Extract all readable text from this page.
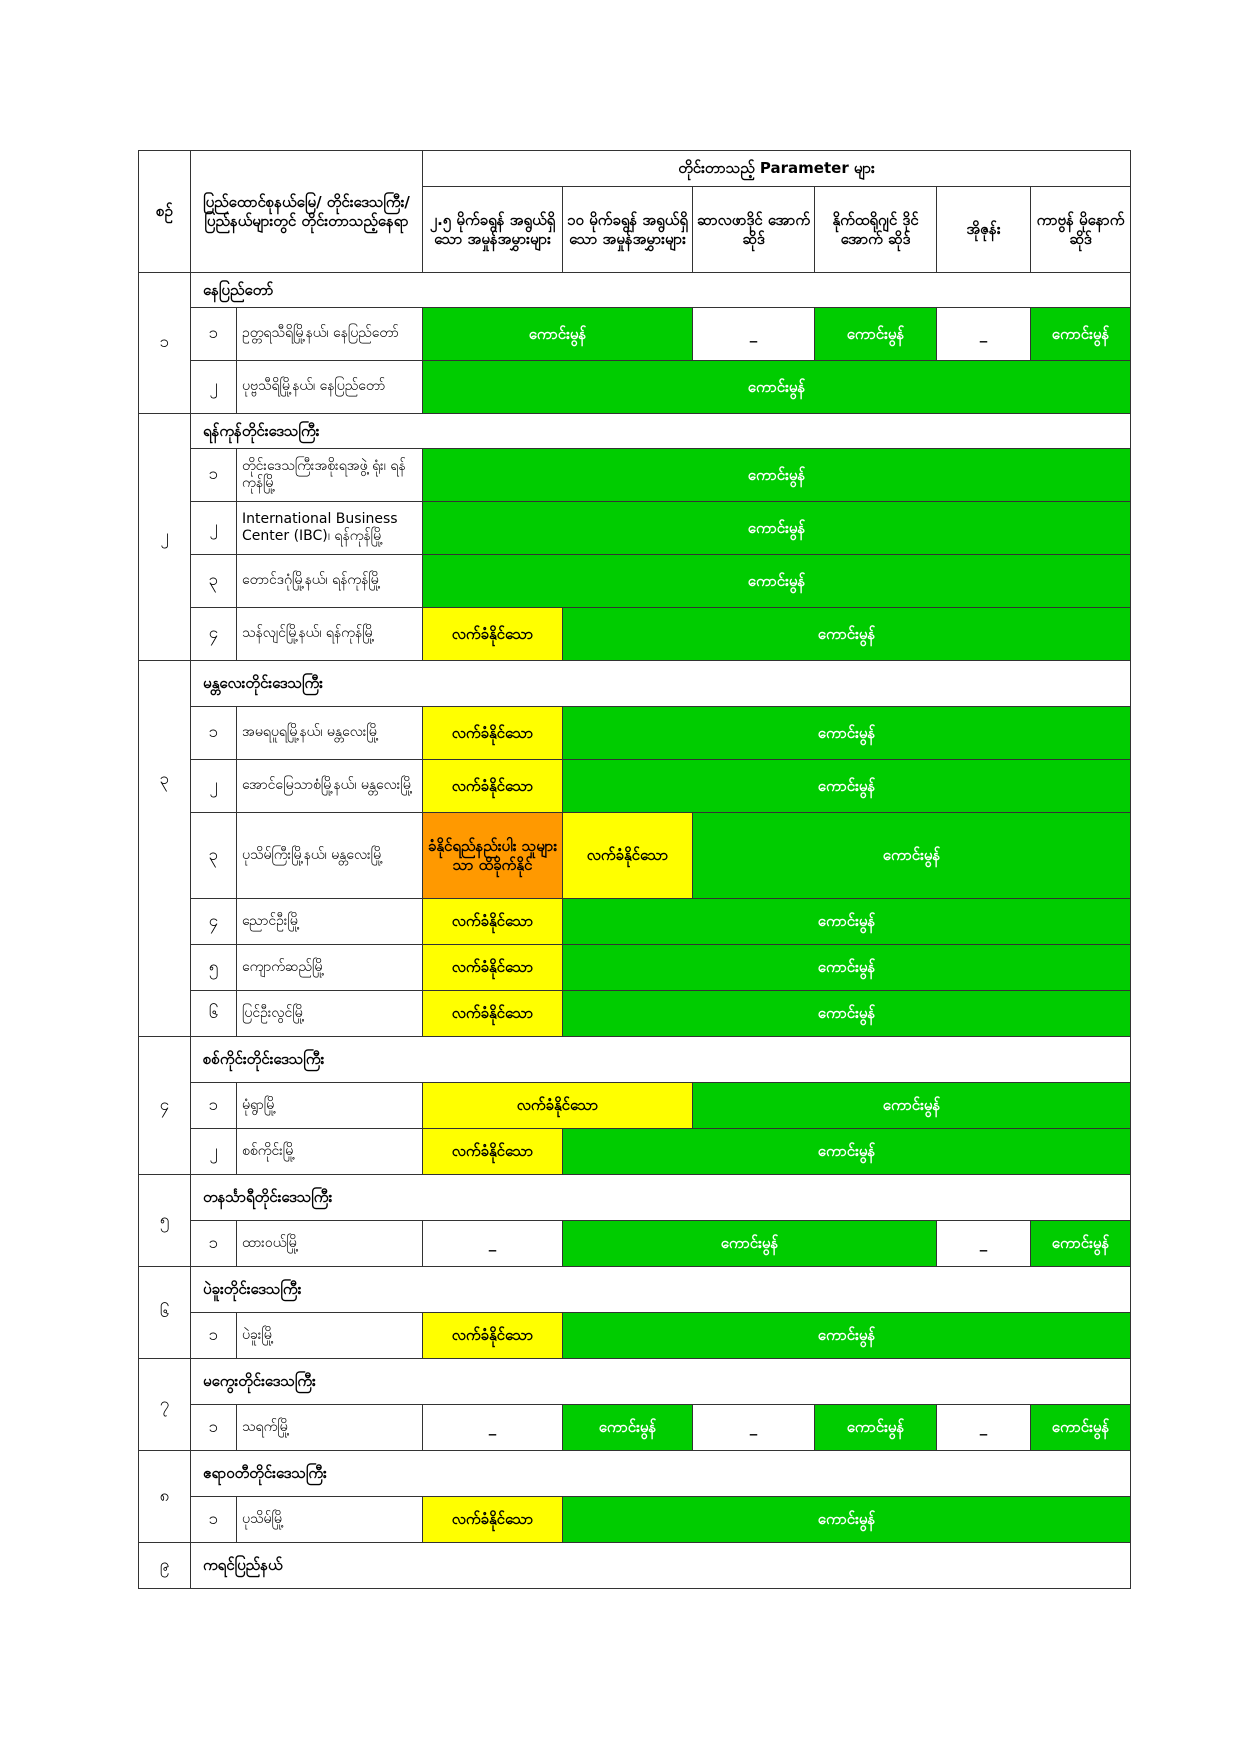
စဉ်	ပြည်ထောင်စုနယ်မြေ/ တိုင်းဒေသကြီး/ ပြည်နယ်များတွင် တိုင်းတာသည့်နေရာ		တိုင်းတာသည့် Parameter များ					
			၂.၅ မိုက်ခရွန် အရွယ်ရှိသော အမှုန်အမွှားများ	၁၀ မိုက်ခရွန် အရွယ်ရှိသော အမှုန်အမွှားများ	ဆာလဖာဒိုင် အောက်ဆိုဒ်	နိုက်ထရိုဂျင် ဒိုင်အောက် ဆိုဒ်	အိုဇုန်း	ကာဗွန် မိုနောက် ဆိုဒ်
၁	နေပြည်တော်							
	၁	ဥတ္တရသီရိမြို့နယ်၊ နေပြည်တော်	ကောင်းမွန်		_	ကောင်းမွန်	_	ကောင်းမွန်
	၂	ပုဗ္ဗသီရိမြို့နယ်၊ နေပြည်တော်	ကောင်းမွန်					
၂	ရန်ကုန်တိုင်းဒေသကြီး							
	၁	တိုင်းဒေသကြီးအစိုးရအဖွဲ့ ရုံး၊ ရန်ကုန်မြို့	ကောင်းမွန်					
	၂	International Business Center (IBC)၊ ရန်ကုန်မြို့	ကောင်းမွန်					
	၃	တောင်ဒဂုံမြို့နယ်၊ ရန်ကုန်မြို့	ကောင်းမွန်					
	၄	သန်လျင်မြို့နယ်၊ ရန်ကုန်မြို့	လက်ခံနိုင်သော	ကောင်းမွန်				
၃	မန္တလေးတိုင်းဒေသကြီး							
	၁	အမရပူရမြို့နယ်၊ မန္တလေးမြို့	လက်ခံနိုင်သော	ကောင်းမွန်				
	၂	အောင်မြေသာစံမြို့နယ်၊ မန္တလေးမြို့	လက်ခံနိုင်သော	ကောင်းမွန်				
	၃	ပုသိမ်ကြီးမြို့နယ်၊ မန္တလေးမြို့	ခံနိုင်ရည်နည်းပါး သူများသာ ထိခိုက်နိုင်	လက်ခံနိုင်သော	ကောင်းမွန်			
	၄	ညောင်ဦးမြို့	လက်ခံနိုင်သော	ကောင်းမွန်				
	၅	ကျောက်ဆည်မြို့	လက်ခံနိုင်သော	ကောင်းမွန်				
	၆	ပြင်ဦးလွင်မြို့	လက်ခံနိုင်သော	ကောင်းမွန်				
၄	စစ်ကိုင်းတိုင်းဒေသကြီး							
	၁	မုံရွာမြို့	လက်ခံနိုင်သော		ကောင်းမွန်			
	၂	စစ်ကိုင်းမြို့	လက်ခံနိုင်သော	ကောင်းမွန်				
၅	တနင်္သာရီတိုင်းဒေသကြီး							
	၁	ထားဝယ်မြို့	_	ကောင်းမွန်			_	ကောင်းမွန်
၆	ပဲခူးတိုင်းဒေသကြီး							
	၁	ပဲခူးမြို့	လက်ခံနိုင်သော	ကောင်းမွန်				
၇	မကွေးတိုင်းဒေသကြီး							
	၁	သရက်မြို့	_	ကောင်းမွန်	_	ကောင်းမွန်	_	ကောင်းမွန်
၈	ဧရာဝတီတိုင်းဒေသကြီး							
	၁	ပုသိမ်မြို့	လက်ခံနိုင်သော	ကောင်းမွန်				
၉	ကရင်ပြည်နယ်							
